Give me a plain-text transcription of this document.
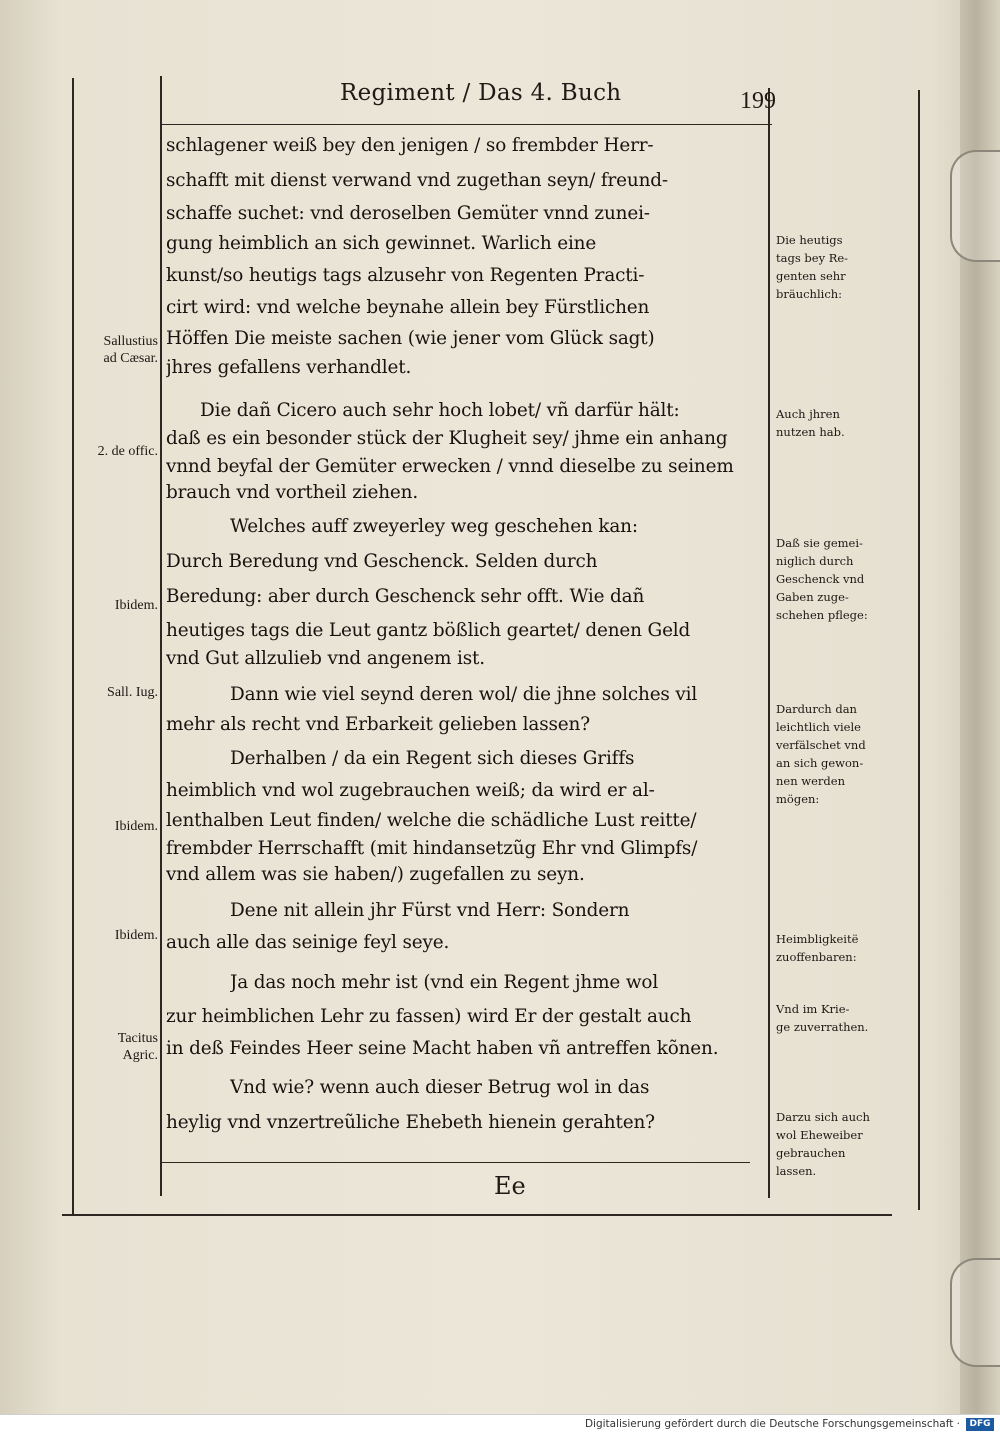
Regiment / Das 4. Buch	199
schlagener weiß bey den jenigen / so frembder Herr-
schafft mit dienst verwand vnd zugethan seyn/ freund-
schaffe suchet: vnd deroselben Gemüter vnnd zunei-
gung heimblich an sich gewinnet. Warlich eine
kunst/so heutigs tags alzusehr von Regenten Practi-
cirt wird: vnd welche beynahe allein bey Fürstlichen
Höffen Die meiste sachen (wie jener vom Glück sagt)
jhres gefallens verhandlet.
Die dañ Cicero auch sehr hoch lobet/ vñ darfür hält:
daß es ein besonder stück der Klugheit sey/ jhme ein anhang
vnnd beyfal der Gemüter erwecken / vnnd dieselbe zu seinem
brauch vnd vortheil ziehen.
Welches auff zweyerley weg geschehen kan:
Durch Beredung vnd Geschenck. Selden durch
Beredung: aber durch Geschenck sehr offt. Wie dañ
heutiges tags die Leut gantz bößlich geartet/ denen Geld
vnd Gut allzulieb vnd angenem ist.
Dann wie viel seynd deren wol/ die jhne solches vil
mehr als recht vnd Erbarkeit gelieben lassen?
Derhalben / da ein Regent sich dieses Griffs
heimblich vnd wol zugebrauchen weiß; da wird er al-
lenthalben Leut finden/ welche die schädliche Lust reitte/
frembder Herrschafft (mit hindansetzũg Ehr vnd Glimpfs/
vnd allem was sie haben/) zugefallen zu seyn.
Dene nit allein jhr Fürst vnd Herr: Sondern
auch alle das seinige feyl seye.
Ja das noch mehr ist (vnd ein Regent jhme wol
zur heimblichen Lehr zu fassen) wird Er der gestalt auch
in deß Feindes Heer seine Macht haben vñ antreffen kõnen.
Vnd wie? wenn auch dieser Betrug wol in das
heylig vnd vnzertreũliche Ehebeth hienein gerahten?
Sallustius
ad Cæsar.
2. de offic.
Ibidem.
Sall. Iug.
Ibidem.
Ibidem.
Tacitus
Agric.
Die heutigs
tags bey Re-
genten sehr
bräuchlich:
Auch jhren
nutzen hab.
Daß sie gemei-
niglich durch
Geschenck vnd
Gaben zuge-
schehen pflege:
Dardurch dan
leichtlich viele
verfälschet vnd
an sich gewon-
nen werden
mögen:
Heimbligkeitë
zuoffenbaren:
Vnd im Krie-
ge zuverrathen.
Darzu sich auch
wol Eheweiber
gebrauchen
lassen.
Ee
Digitalisierung gefördert durch die Deutsche Forschungsgemeinschaft ·	DFG
